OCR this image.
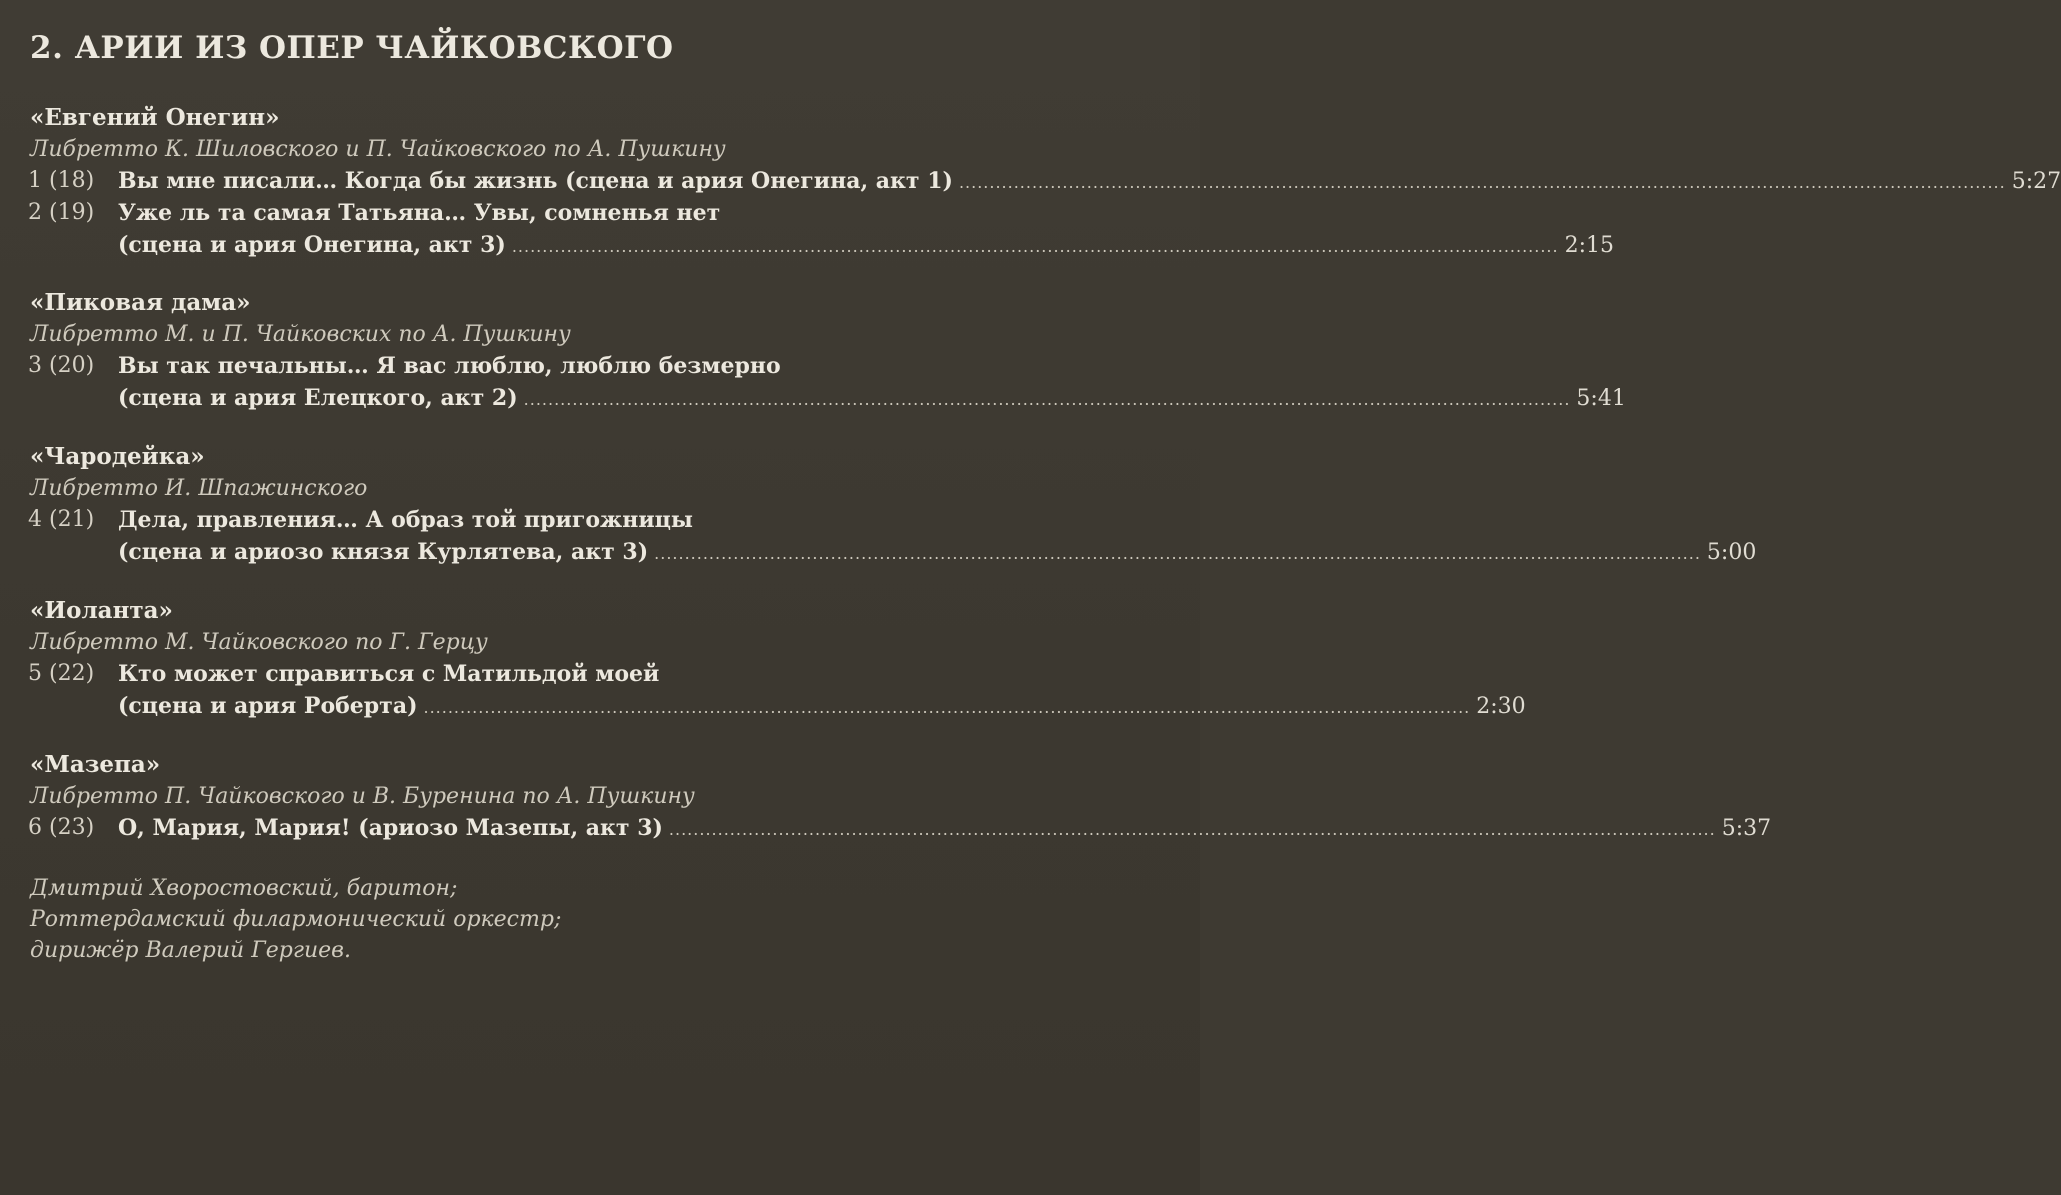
2. АРИИ ИЗ ОПЕР ЧАЙКОВСКОГО
«Евгений Онегин»
Либретто К. Шиловского и П. Чайковского по А. Пушкину
1 (18)	Вы мне писали… Когда бы жизнь (сцена и ария Онегина, акт 1) ............................................................................................................................................................................ 5:27
2 (19)	Уже ль та самая Татьяна… Увы, сомненья нет
(сцена и ария Онегина, акт 3) ............................................................................................................................................................................ 2:15
«Пиковая дама»
Либретто М. и П. Чайковских по А. Пушкину
3 (20)	Вы так печальны… Я вас люблю, люблю безмерно
(сцена и ария Елецкого, акт 2) ............................................................................................................................................................................ 5:41
«Чародейка»
Либретто И. Шпажинского
4 (21)	Дела, правления… А образ той пригожницы
(сцена и ариозо князя Курлятева, акт 3) ............................................................................................................................................................................ 5:00
«Иоланта»
Либретто М. Чайковского по Г. Герцу
5 (22)	Кто может справиться с Матильдой моей
(сцена и ария Роберта) ............................................................................................................................................................................ 2:30
«Мазепа»
Либретто П. Чайковского и В. Буренина по А. Пушкину
6 (23)	О, Мария, Мария! (ариозо Мазепы, акт 3) ............................................................................................................................................................................ 5:37
Дмитрий Хворостовский, баритон;
Роттердамский филармонический оркестр;
дирижёр Валерий Гергиев.
